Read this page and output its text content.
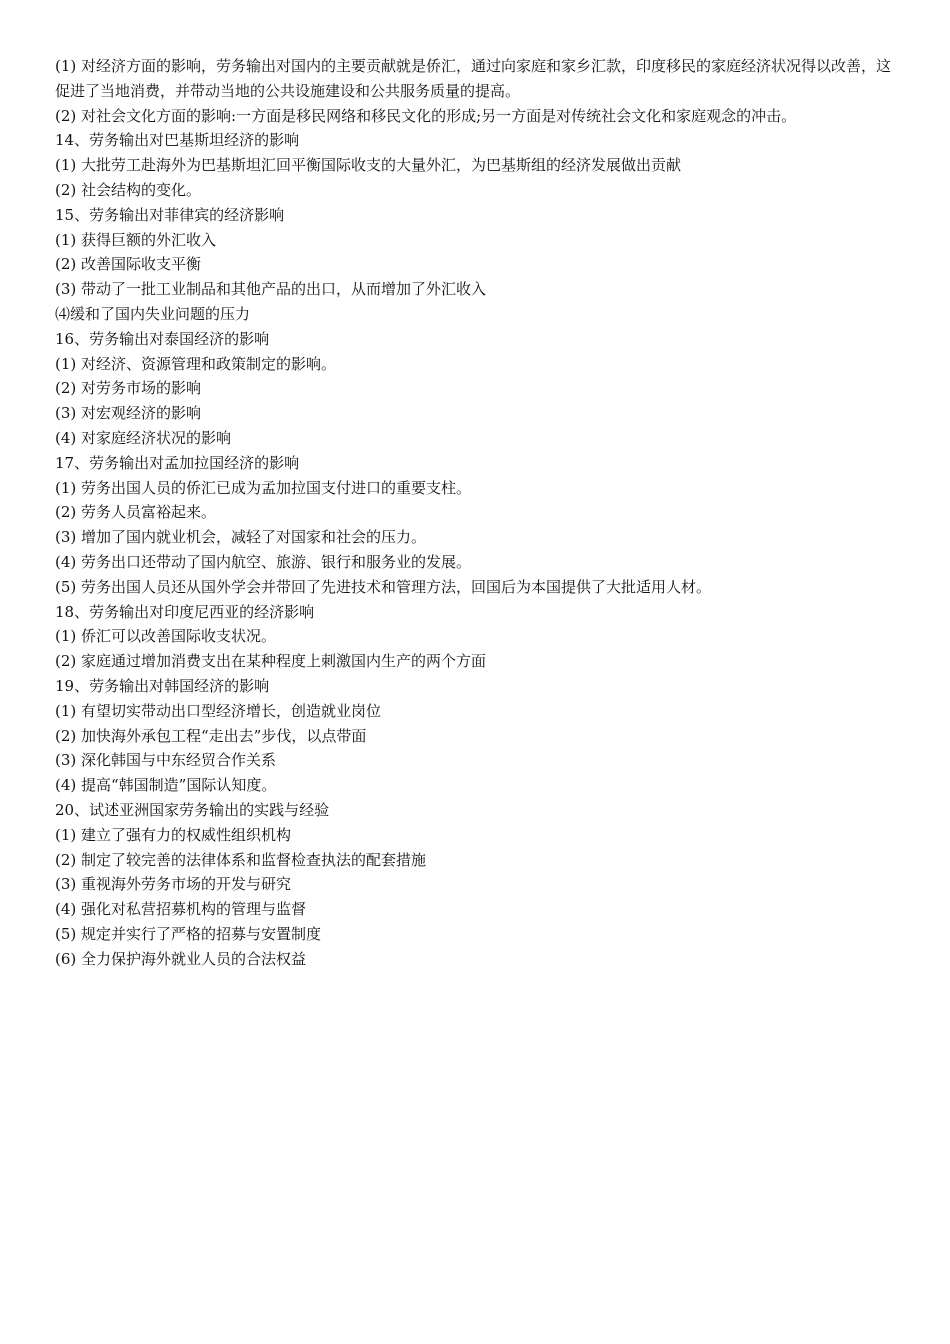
(1) 对经济方面的影响，劳务输出对国内的主要贡献就是侨汇，通过向家庭和家乡汇款，印度移民的家庭经济状况得以改善，这促进了当地消费，并带动当地的公共设施建设和公共服务质量的提高。

(2) 对社会文化方面的影响:一方面是移民网络和移民文化的形成;另一方面是对传统社会文化和家庭观念的冲击。

14、劳务输出对巴基斯坦经济的影响

(1) 大批劳工赴海外为巴基斯坦汇回平衡国际收支的大量外汇，为巴基斯组的经济发展做出贡献

(2) 社会结构的变化。

15、劳务输出对菲律宾的经济影响

(1) 获得巨额的外汇收入

(2) 改善国际收支平衡

(3) 带动了一批工业制品和其他产品的出口，从而增加了外汇收入

⑷缓和了国内失业问题的压力

16、劳务输出对泰国经济的影响

(1) 对经济、资源管理和政策制定的影响。

(2) 对劳务市场的影响

(3) 对宏观经济的影响

(4) 对家庭经济状况的影响

17、劳务输出对孟加拉国经济的影响

(1) 劳务出国人员的侨汇已成为孟加拉国支付进口的重要支柱。

(2) 劳务人员富裕起来。

(3) 增加了国内就业机会，减轻了对国家和社会的压力。

(4) 劳务出口还带动了国内航空、旅游、银行和服务业的发展。

(5) 劳务出国人员还从国外学会并带回了先进技术和管理方法，回国后为本国提供了大批适用人材。

18、劳务输出对印度尼西亚的经济影响

(1) 侨汇可以改善国际收支状况。

(2) 家庭通过增加消费支出在某种程度上刺激国内生产的两个方面

19、劳务输出对韩国经济的影响

(1) 有望切实带动出口型经济增长，创造就业岗位

(2) 加快海外承包工程“走出去”步伐，以点带面

(3) 深化韩国与中东经贸合作关系

(4) 提高“韩国制造”国际认知度。

20、试述亚洲国家劳务输出的实践与经验

(1) 建立了强有力的权威性组织机构

(2) 制定了较完善的法律体系和监督检查执法的配套措施

(3) 重视海外劳务市场的开发与研究

(4) 强化对私营招募机构的管理与监督

(5) 规定并实行了严格的招募与安置制度

(6) 全力保护海外就业人员的合法权益
